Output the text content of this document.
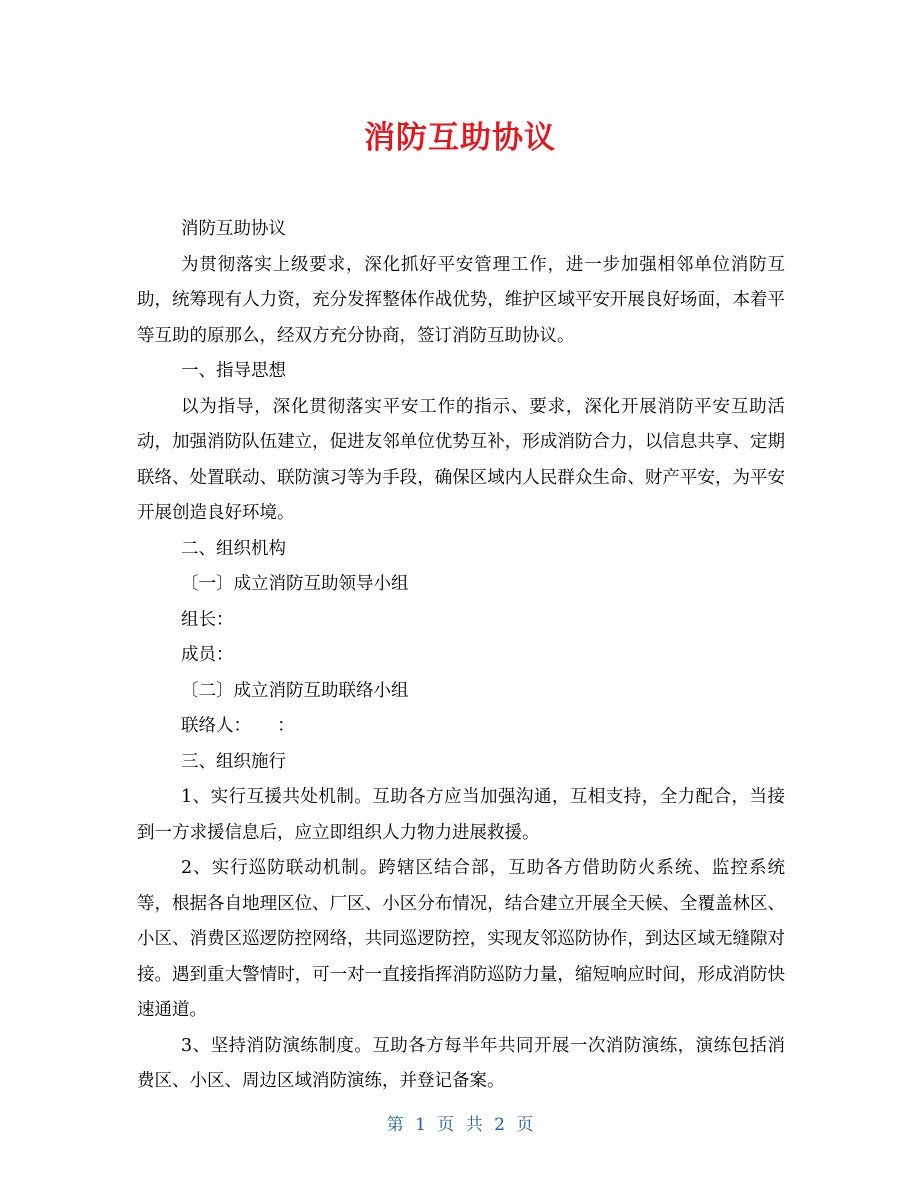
消防互助协议

消防互助协议

为贯彻落实上级要求，深化抓好平安管理工作，进一步加强相邻单位消防互助，统筹现有人力资，充分发挥整体作战优势，维护区域平安开展良好场面，本着平等互助的原那么，经双方充分协商，签订消防互助协议。

一、指导思想

以为指导，深化贯彻落实平安工作的指示、要求，深化开展消防平安互助活动，加强消防队伍建立，促进友邻单位优势互补，形成消防合力，以信息共享、定期联络、处置联动、联防演习等为手段，确保区域内人民群众生命、财产平安，为平安开展创造良好环境。

二、组织机构

〔一〕成立消防互助领导小组

组长：

成员：

〔二〕成立消防互助联络小组

联络人：　　：

三、组织施行

1、实行互援共处机制。互助各方应当加强沟通，互相支持，全力配合，当接到一方求援信息后，应立即组织人力物力进展救援。

2、实行巡防联动机制。跨辖区结合部，互助各方借助防火系统、监控系统等，根据各自地理区位、厂区、小区分布情况，结合建立开展全天候、全覆盖林区、小区、消费区巡逻防控网络，共同巡逻防控，实现友邻巡防协作，到达区域无缝隙对接。遇到重大警情时，可一对一直接指挥消防巡防力量，缩短响应时间，形成消防快速通道。

3、坚持消防演练制度。互助各方每半年共同开展一次消防演练，演练包括消费区、小区、周边区域消防演练，并登记备案。

第 1 页 共 2 页
